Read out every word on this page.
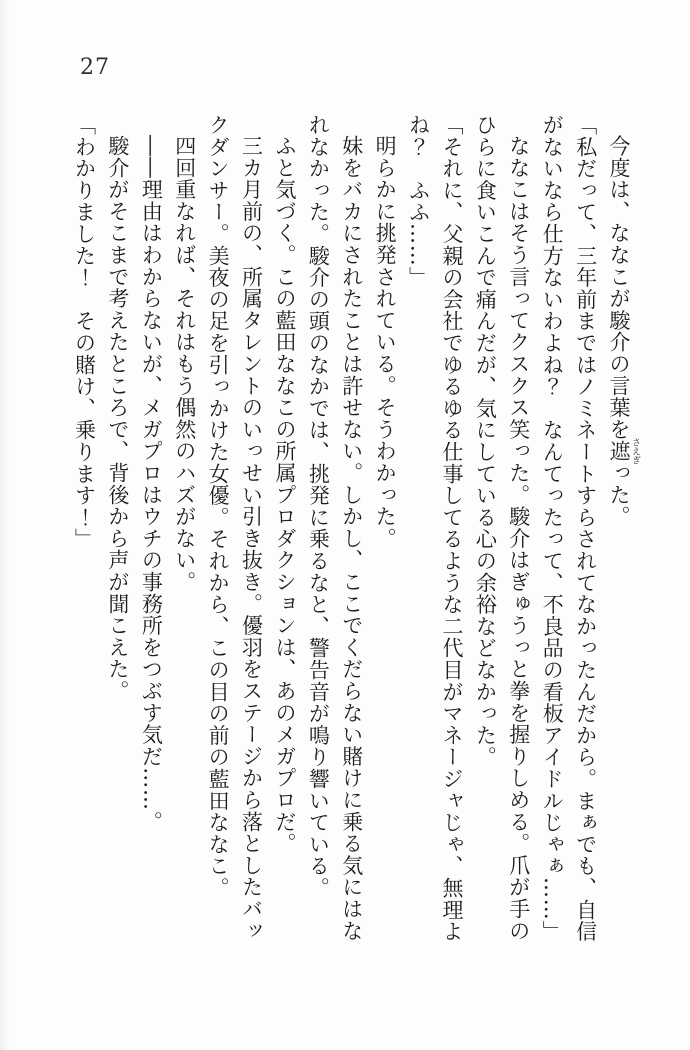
27

今度は、ななこが駿介の言葉を遮 さえぎった。

「私だって、三年前まではノミネートすらされてなかったんだから。まぁでも、自信がないなら仕方ないわよね？　なんてったって、不良品の看板アイドルじゃぁ……」

ななこはそう言ってクスクス笑った。駿介はぎゅうっと拳を握りしめる。爪が手のひらに食いこんで痛んだが、気にしている心の余裕などなかった。

「それに、父親の会社でゆるゆる仕事してるような二代目がマネージャじゃ、無理よね？　ふふ……」

明らかに挑発されている。そうわかった。

妹をバカにされたことは許せない。しかし、ここでくだらない賭けに乗る気にはなれなかった。駿介の頭のなかでは、挑発に乗るなと、警告音が鳴り響いている。

ふと気づく。この藍田ななこの所属プロダクションは、あのメガプロだ。

三カ月前の、所属タレントのいっせい引き抜き。優羽をステージから落としたバックダンサー。美夜の足を引っかけた女優。それから、この目の前の藍田ななこ。

四回重なれば、それはもう偶然のハズがない。

――理由はわからないが、メガプロはウチの事務所をつぶす気だ……。

駿介がそこまで考えたところで、背後から声が聞こえた。

「わかりました！　その賭け、乗ります！」
